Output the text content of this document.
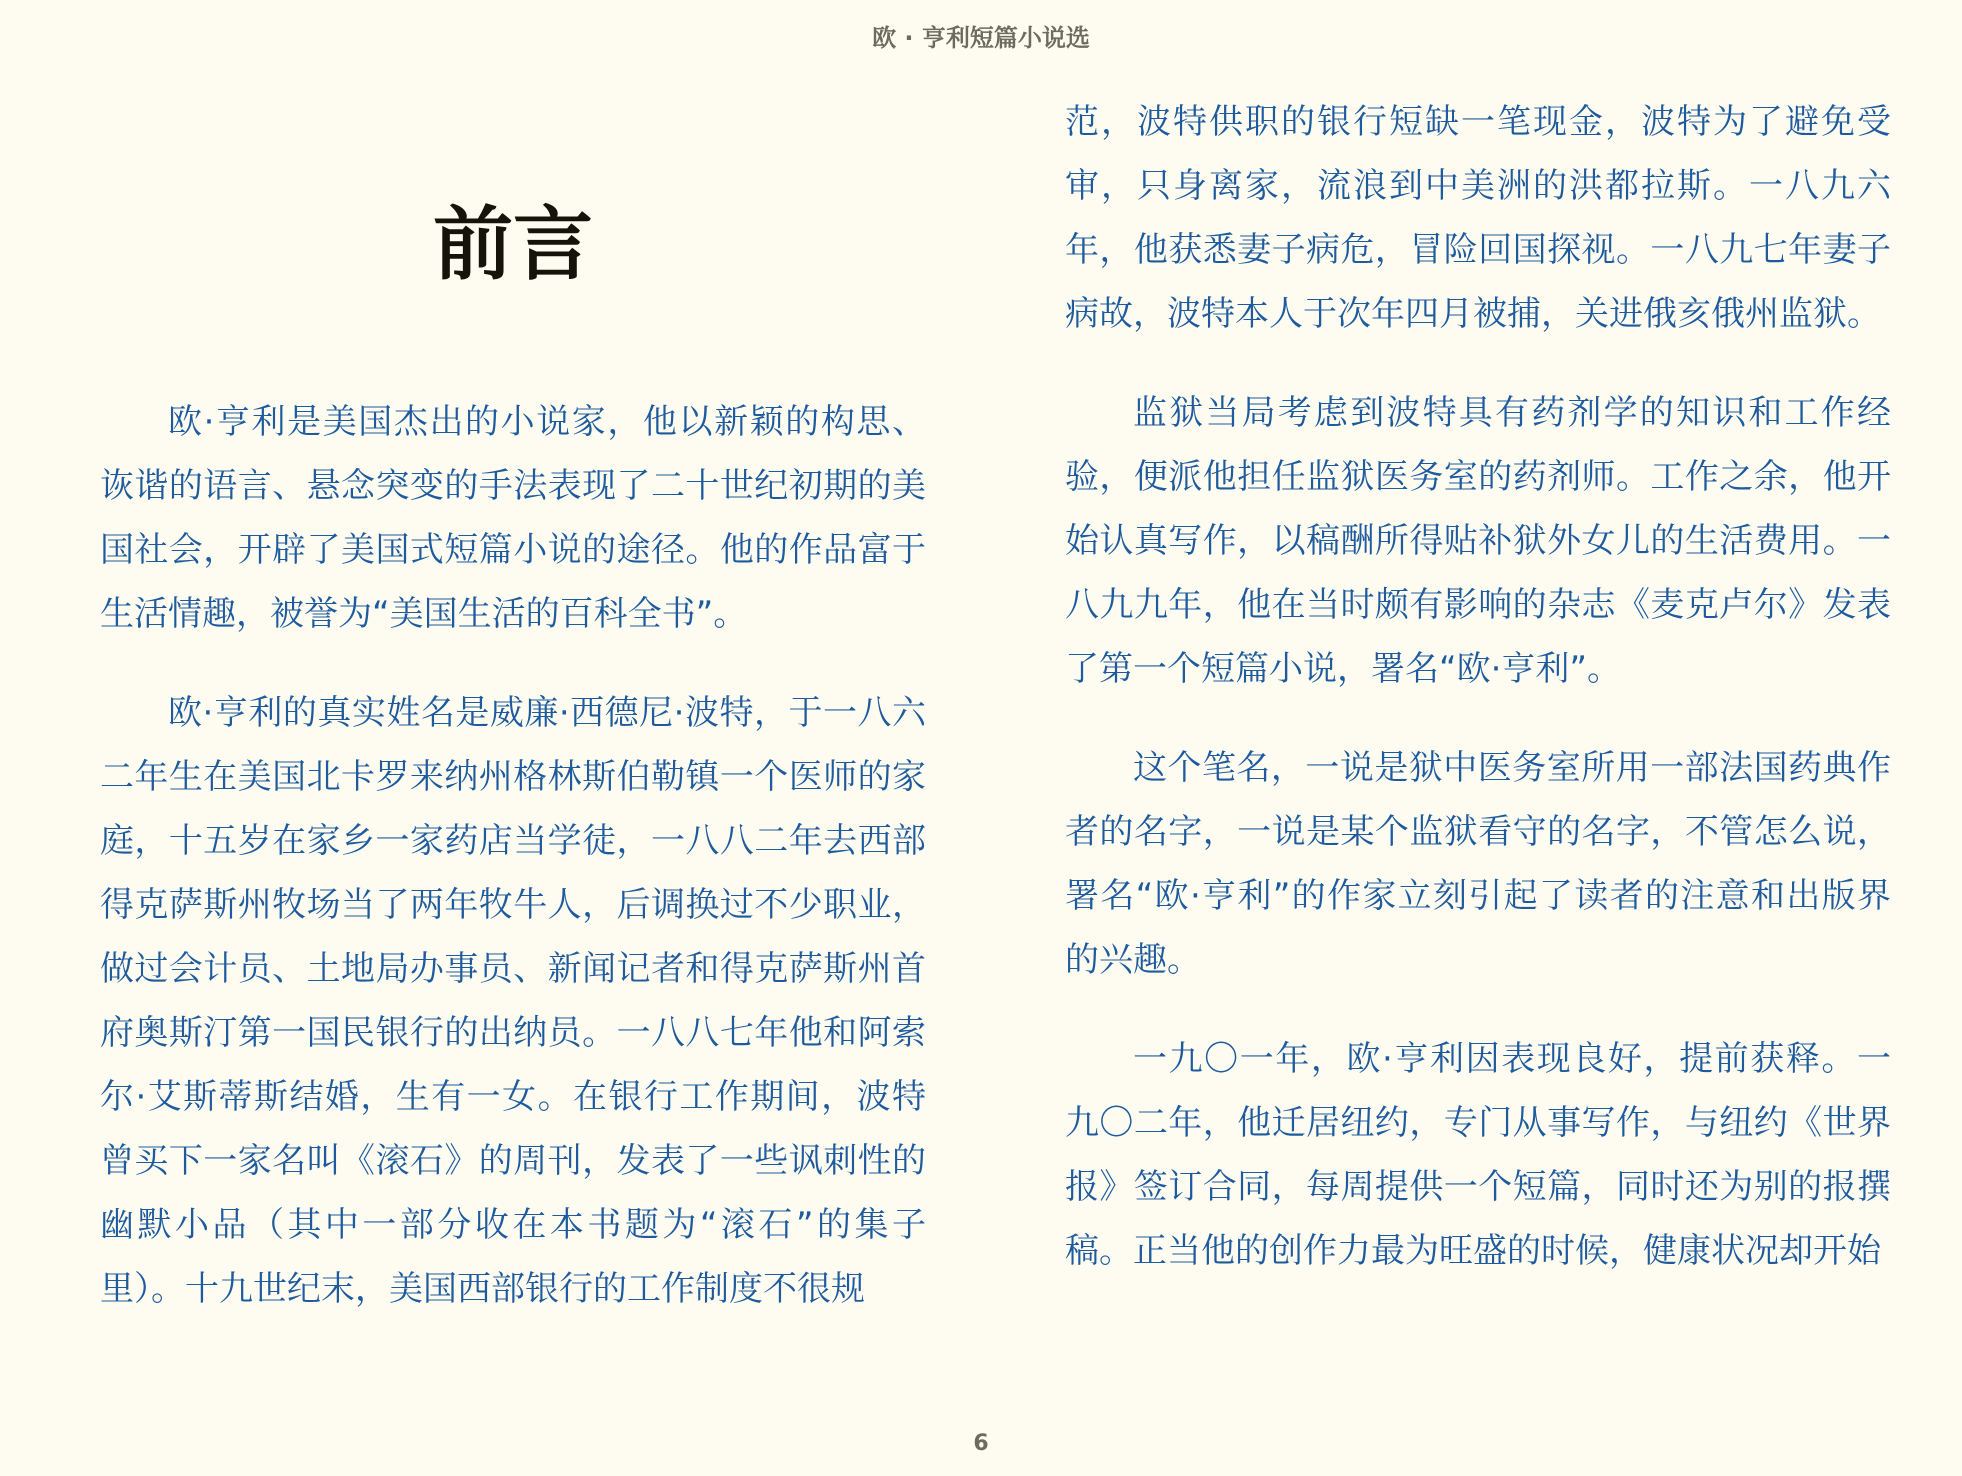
欧 · 亨利短篇小说选
前言

欧·亨利是美国杰出的小说家，他以新颖的构思、诙谐的语言、悬念突变的手法表现了二十世纪初期的美国社会，开辟了美国式短篇小说的途径。他的作品富于生活情趣，被誉为“美国生活的百科全书”。

欧·亨利的真实姓名是威廉·西德尼·波特，于一八六二年生在美国北卡罗来纳州格林斯伯勒镇一个医师的家庭，十五岁在家乡一家药店当学徒，一八八二年去西部得克萨斯州牧场当了两年牧牛人，后调换过不少职业，做过会计员、土地局办事员、新闻记者和得克萨斯州首府奥斯汀第一国民银行的出纳员。一八八七年他和阿索尔·艾斯蒂斯结婚，生有一女。在银行工作期间，波特曾买下一家名叫《滚石》的周刊，发表了一些讽刺性的幽默小品（其中一部分收在本书题为“滚石”的集子里）。十九世纪末，美国西部银行的工作制度不很规

范，波特供职的银行短缺一笔现金，波特为了避免受审，只身离家，流浪到中美洲的洪都拉斯。一八九六年，他获悉妻子病危，冒险回国探视。一八九七年妻子病故，波特本人于次年四月被捕，关进俄亥俄州监狱。

监狱当局考虑到波特具有药剂学的知识和工作经验，便派他担任监狱医务室的药剂师。工作之余，他开始认真写作，以稿酬所得贴补狱外女儿的生活费用。一八九九年，他在当时颇有影响的杂志《麦克卢尔》发表了第一个短篇小说，署名“欧·亨利”。

这个笔名，一说是狱中医务室所用一部法国药典作者的名字，一说是某个监狱看守的名字，不管怎么说，署名“欧·亨利”的作家立刻引起了读者的注意和出版界的兴趣。

一九〇一年，欧·亨利因表现良好，提前获释。一九〇二年，他迁居纽约，专门从事写作，与纽约《世界报》签订合同，每周提供一个短篇，同时还为别的报撰稿。正当他的创作力最为旺盛的时候，健康状况却开始

6
